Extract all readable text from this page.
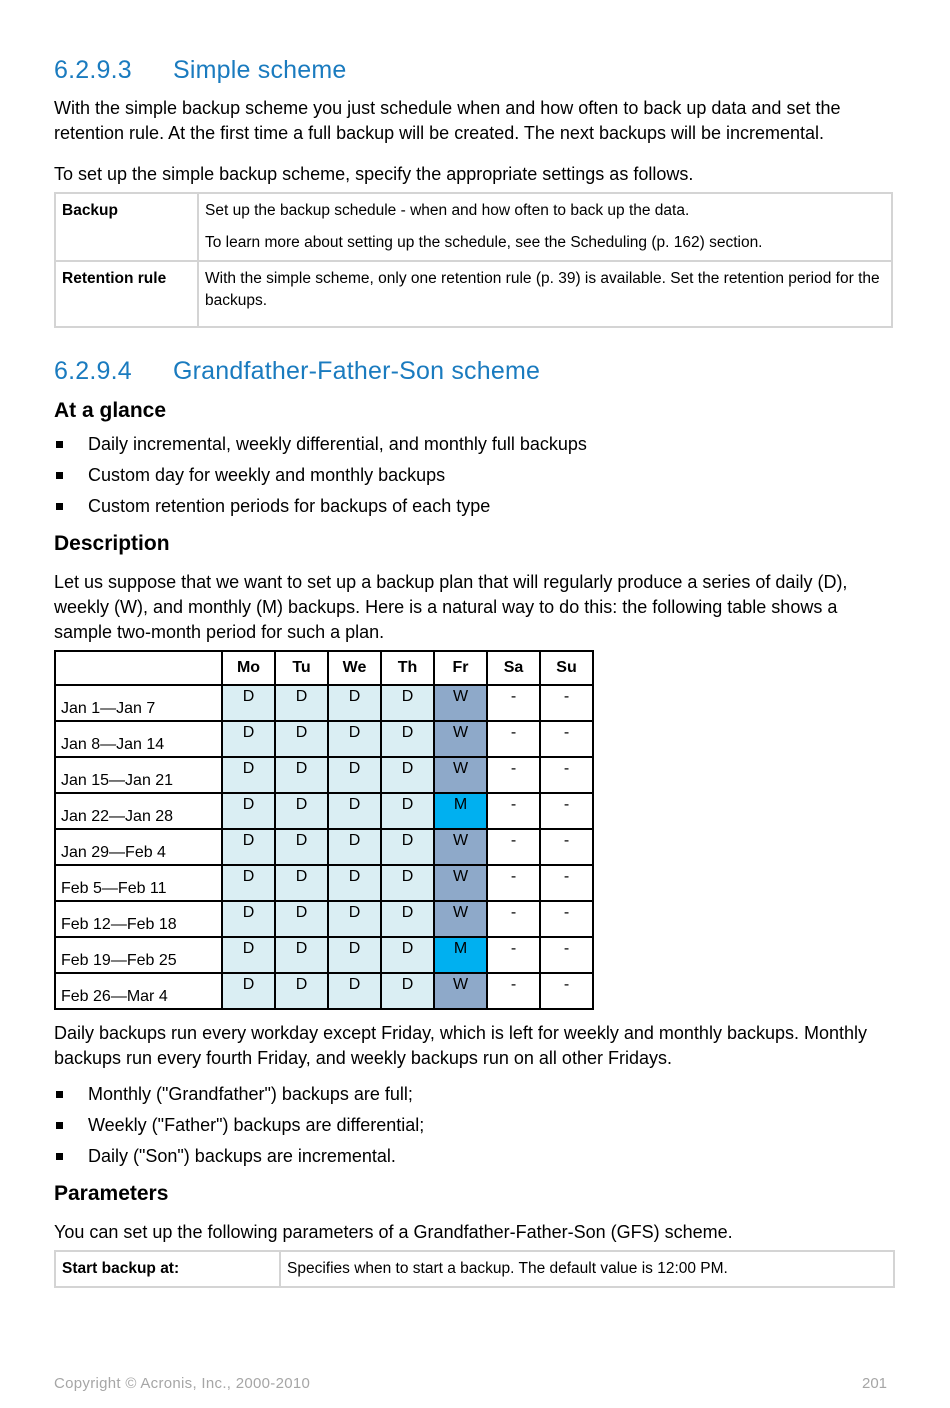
6.2.9.3 Simple scheme
With the simple backup scheme you just schedule when and how often to back up data and set the retention rule. At the first time a full backup will be created. The next backups will be incremental.
To set up the simple backup scheme, specify the appropriate settings as follows.
Backup	Set up the backup schedule - when and how often to back up the data.
To learn more about setting up the schedule, see the Scheduling (p. 162) section.

Retention rule	With the simple scheme, only one retention rule (p. 39) is available. Set the retention period for the backups.
6.2.9.4 Grandfather-Father-Son scheme
At a glance
Daily incremental, weekly differential, and monthly full backups
Custom day for weekly and monthly backups
Custom retention periods for backups of each type
Description
Let us suppose that we want to set up a backup plan that will regularly produce a series of daily (D), weekly (W), and monthly (M) backups. Here is a natural way to do this: the following table shows a sample two-month period for such a plan.
	Mo	Tu	We	Th	Fr	Sa	Su
Jan 1—Jan 7	D	D	D	D	W	-	-
Jan 8—Jan 14	D	D	D	D	W	-	-
Jan 15—Jan 21	D	D	D	D	W	-	-
Jan 22—Jan 28	D	D	D	D	M	-	-
Jan 29—Feb 4	D	D	D	D	W	-	-
Feb 5—Feb 11	D	D	D	D	W	-	-
Feb 12—Feb 18	D	D	D	D	W	-	-
Feb 19—Feb 25	D	D	D	D	M	-	-
Feb 26—Mar 4	D	D	D	D	W	-	-
Daily backups run every workday except Friday, which is left for weekly and monthly backups. Monthly backups run every fourth Friday, and weekly backups run on all other Fridays.
Monthly ("Grandfather") backups are full;
Weekly ("Father") backups are differential;
Daily ("Son") backups are incremental.
Parameters
You can set up the following parameters of a Grandfather-Father-Son (GFS) scheme.
Start backup at:	Specifies when to start a backup. The default value is 12:00 PM.
Copyright © Acronis, Inc., 2000-2010	201
